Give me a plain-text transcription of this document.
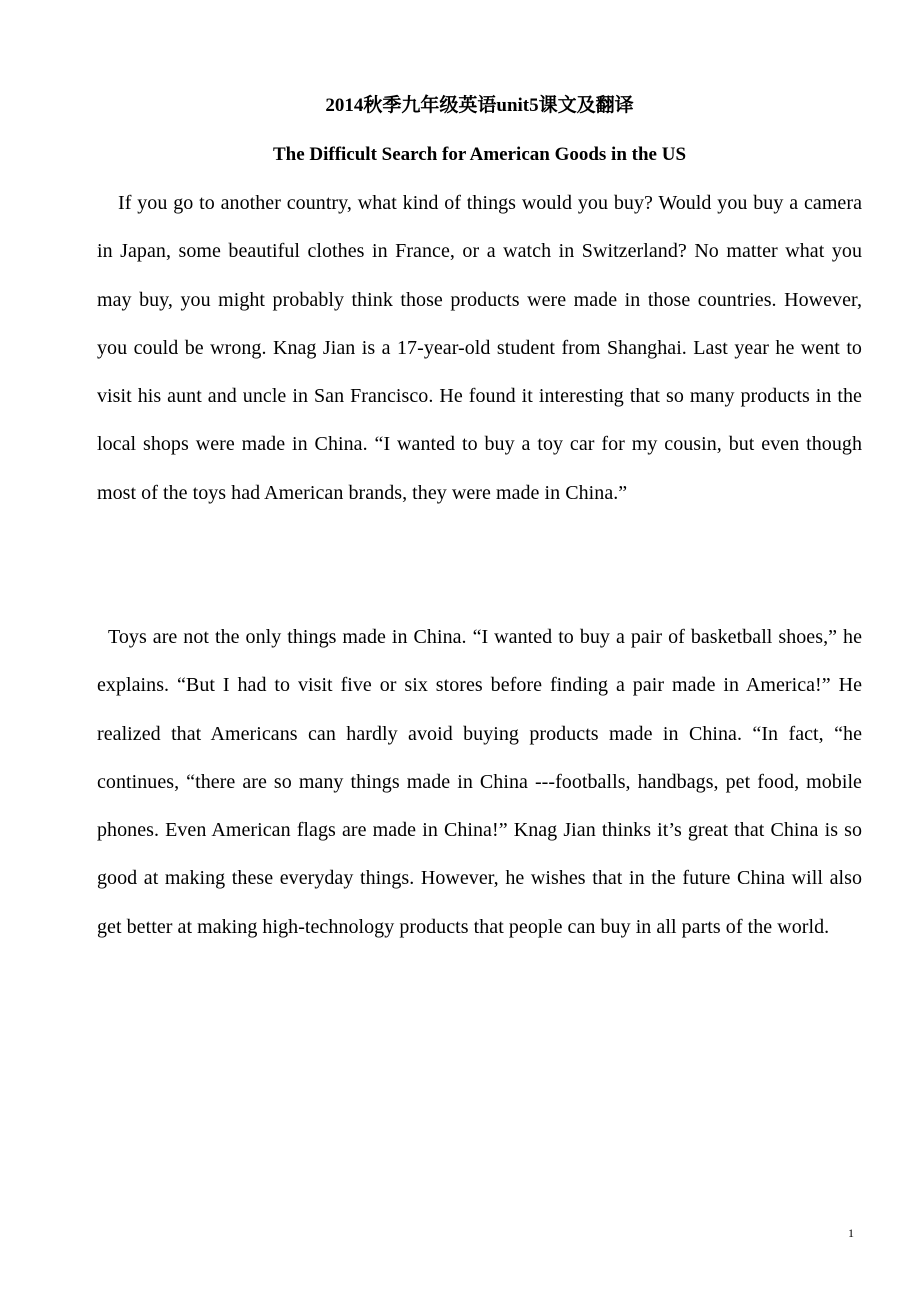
2014秋季九年级英语unit5课文及翻译
The Difficult Search for American Goods in the US

If you go to another country, what kind of things would you buy? Would you buy a camera in Japan, some beautiful clothes in France, or a watch in Switzerland? No matter what you may buy, you might probably think those products were made in those countries. However, you could be wrong. Knag Jian is a 17-year-old student from Shanghai. Last year he went to visit his aunt and uncle in San Francisco. He found it interesting that so many products in the local shops were made in China. “I wanted to buy a toy car for my cousin, but even though most of the toys had American brands, they were made in China.”

Toys are not the only things made in China. “I wanted to buy a pair of basketball shoes,” he explains. “But I had to visit five or six stores before finding a pair made in America!” He realized that Americans can hardly avoid buying products made in China. “In fact, “he continues, “there are so many things made in China ---footballs, handbags, pet food, mobile phones. Even American flags are made in China!” Knag Jian thinks it’s great that China is so good at making these everyday things. However, he wishes that in the future China will also get better at making high-technology products that people can buy in all parts of the world.

1
